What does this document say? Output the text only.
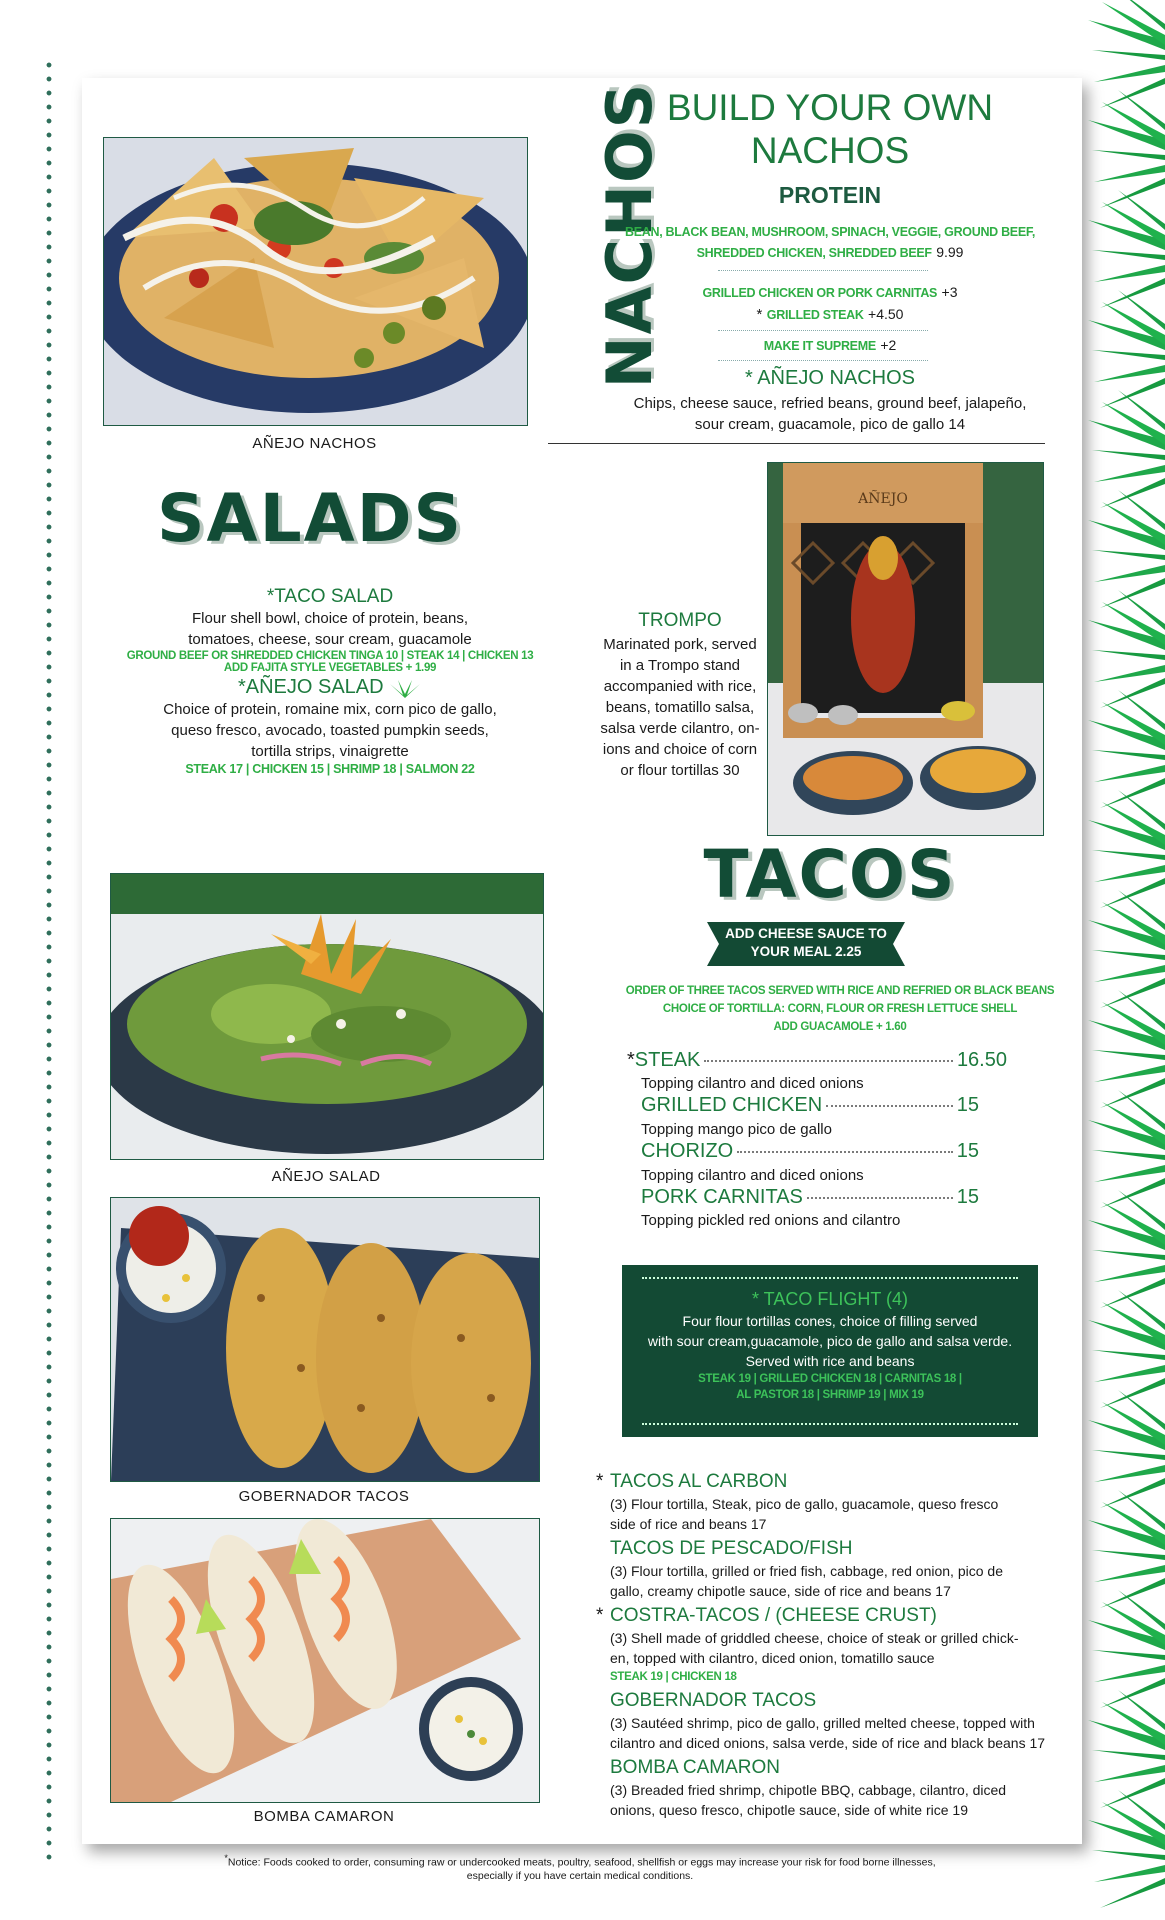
AÑEJO NACHOS
NACHOS BUILD YOUR OWN
NACHOS
PROTEIN
BEAN, BLACK BEAN, MUSHROOM, SPINACH, VEGGIE, GROUND BEEF,
SHREDDED CHICKEN, SHREDDED BEEF 9.99
GRILLED CHICKEN OR PORK CARNITAS +3
* GRILLED STEAK +4.50
MAKE IT SUPREME +2
* AÑEJO NACHOS
Chips, cheese sauce, refried beans, ground beef, jalapeño,
sour cream, guacamole, pico de gallo 14
SALADS
*TACO SALAD
Flour shell bowl, choice of protein, beans,
tomatoes, cheese, sour cream, guacamole
GROUND BEEF OR SHREDDED CHICKEN TINGA 10 | STEAK 14 | CHICKEN 13
ADD FAJITA STYLE VEGETABLES + 1.99
*AÑEJO SALAD
Choice of protein, romaine mix, corn pico de gallo,
queso fresco, avocado, toasted pumpkin seeds,
tortilla strips, vinaigrette
STEAK 17 | CHICKEN 15 | SHRIMP 18 | SALMON 22
TROMPO
Marinated pork, served
in a Trompo stand
accompanied with rice,
beans, tomatillo salsa,
salsa verde cilantro, on-
ions and choice of corn
or flour tortillas 30
AÑEJO
AÑEJO SALAD
GOBERNADOR TACOS
BOMBA CAMARON
TACOS
ADD CHEESE SAUCE TO
YOUR MEAL 2.25
ORDER OF THREE TACOS SERVED WITH RICE AND REFRIED OR BLACK BEANS
CHOICE OF TORTILLA: CORN, FLOUR OR FRESH LETTUCE SHELL
ADD GUACAMOLE + 1.60
* STEAK	16.50
Topping cilantro and diced onions
GRILLED CHICKEN	15
Topping mango pico de gallo
CHORIZO	15
Topping cilantro and diced onions
PORK CARNITAS	15
Topping pickled red onions and cilantro
* TACO FLIGHT (4)
Four flour tortillas cones, choice of filling served
with sour cream,guacamole, pico de gallo and salsa verde.
Served with rice and beans
STEAK 19 | GRILLED CHICKEN 18 | CARNITAS 18 |
AL PASTOR 18 | SHRIMP 19 | MIX 19
* TACOS AL CARBON
(3) Flour tortilla, Steak, pico de gallo, guacamole, queso fresco
side of rice and beans 17
TACOS DE PESCADO/FISH
(3) Flour tortilla, grilled or fried fish, cabbage, red onion, pico de
gallo, creamy chipotle sauce, side of rice and beans 17
* COSTRA-TACOS / (CHEESE CRUST)
(3) Shell made of griddled cheese, choice of steak or grilled chick-
en, topped with cilantro, diced onion, tomatillo sauce
STEAK 19 | CHICKEN 18
GOBERNADOR TACOS
(3) Sautéed shrimp, pico de gallo, grilled melted cheese, topped with
cilantro and diced onions, salsa verde, side of rice and black beans 17
BOMBA CAMARON
(3) Breaded fried shrimp, chipotle BBQ, cabbage, cilantro, diced
onions, queso fresco, chipotle sauce, side of white rice 19
*Notice: Foods cooked to order, consuming raw or undercooked meats, poultry, seafood, shellfish or eggs may increase your risk for food borne illnesses,
especially if you have certain medical conditions.
